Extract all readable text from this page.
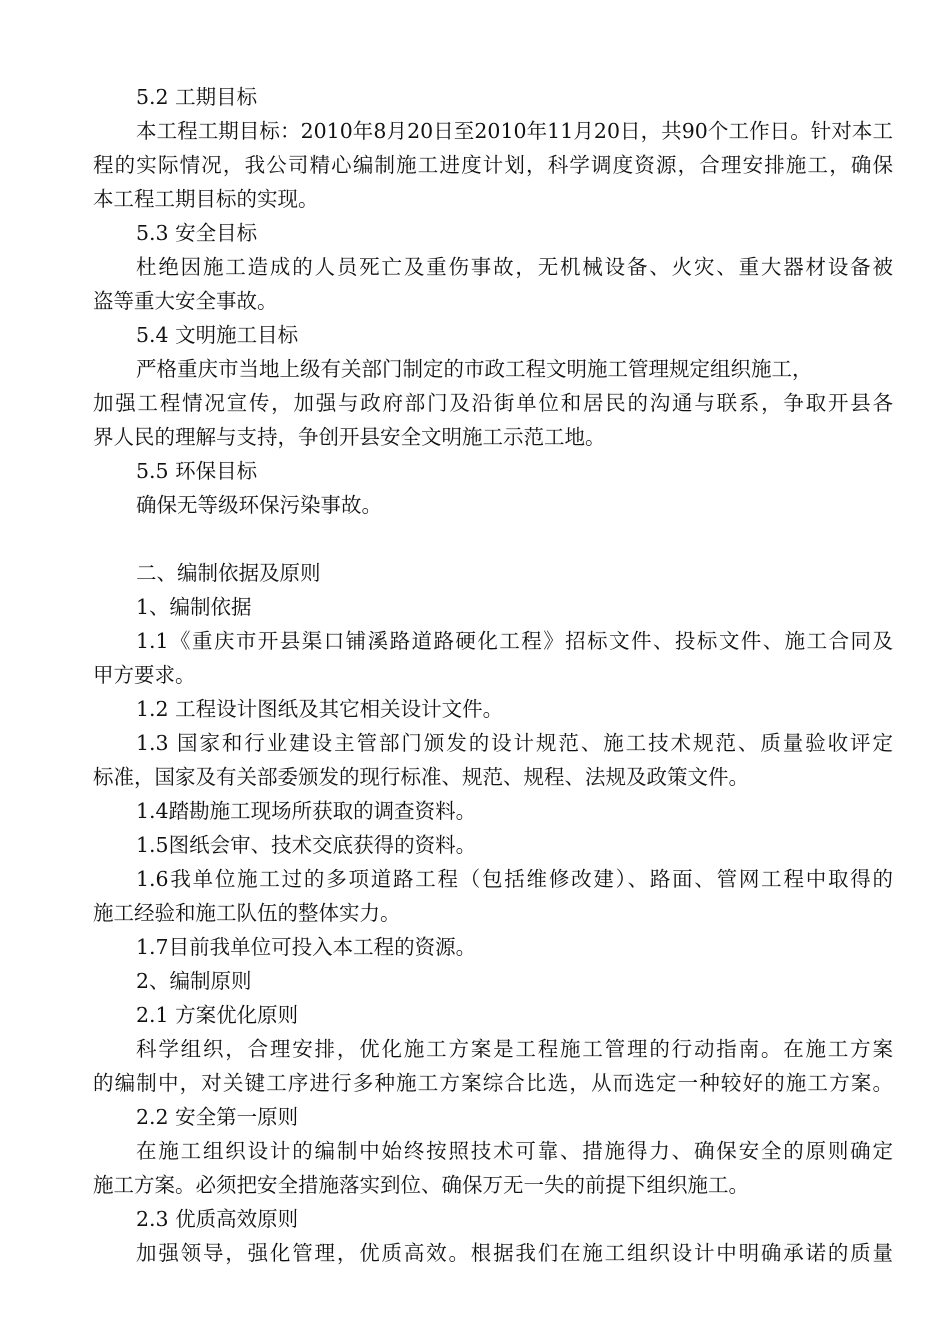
5.2 工期目标
本工程工期目标：2010年8月20日至2010年11月20日，共90个工作日。针对本工
程的实际情况，我公司精心编制施工进度计划，科学调度资源，合理安排施工，确保
本工程工期目标的实现。
5.3 安全目标
杜绝因施工造成的人员死亡及重伤事故，无机械设备、火灾、重大器材设备被
盗等重大安全事故。
5.4 文明施工目标
严格重庆市当地上级有关部门制定的市政工程文明施工管理规定组织施工，
加强工程情况宣传，加强与政府部门及沿街单位和居民的沟通与联系，争取开县各
界人民的理解与支持，争创开县安全文明施工示范工地。
5.5 环保目标
确保无等级环保污染事故。
二、编制依据及原则
1、编制依据
1.1《重庆市开县渠口铺溪路道路硬化工程》招标文件、投标文件、施工合同及
甲方要求。
1.2 工程设计图纸及其它相关设计文件。
1.3 国家和行业建设主管部门颁发的设计规范、施工技术规范、质量验收评定
标准，国家及有关部委颁发的现行标准、规范、规程、法规及政策文件。
1.4踏勘施工现场所获取的调查资料。
1.5图纸会审、技术交底获得的资料。
1.6我单位施工过的多项道路工程（包括维修改建）、路面、管网工程中取得的
施工经验和施工队伍的整体实力。
1.7目前我单位可投入本工程的资源。
2、编制原则
2.1 方案优化原则
科学组织，合理安排，优化施工方案是工程施工管理的行动指南。在施工方案
的编制中，对关键工序进行多种施工方案综合比选，从而选定一种较好的施工方案。
2.2 安全第一原则
在施工组织设计的编制中始终按照技术可靠、措施得力、确保安全的原则确定
施工方案。必须把安全措施落实到位、确保万无一失的前提下组织施工。
2.3 优质高效原则
加强领导，强化管理，优质高效。根据我们在施工组织设计中明确承诺的质量
